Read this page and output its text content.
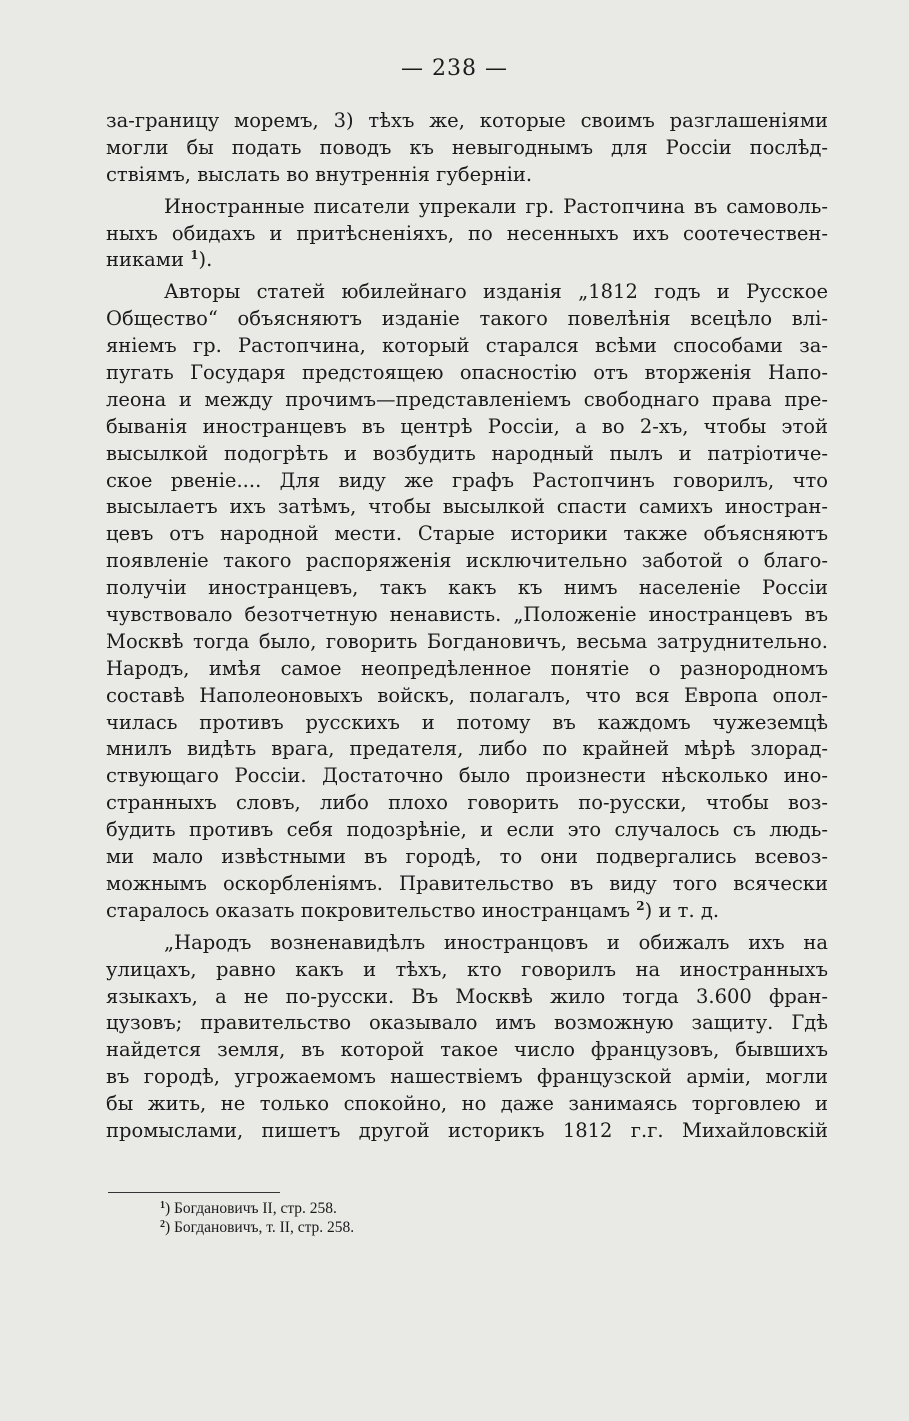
— 238 —
за-границу моремъ, 3) тѣхъ же, которые своимъ разглашеніями
могли бы подать поводъ къ невыгоднымъ для Россіи послѣд-
ствіямъ, выслать во внутреннія губерніи.
Иностранные писатели упрекали гр. Растопчина въ самоволь-
ныхъ обидахъ и притѣсненіяхъ, по несенныхъ ихъ соотечествен-
никами $^1$).
Авторы статей юбилейнаго изданія „1812 годъ и Русское
Общество“ объясняютъ изданіе такого повелѣнія всецѣло влі-
яніемъ гр. Растопчина, который старался всѣми способами за-
пугать Государя предстоящею опасностію отъ вторженія Напо-
леона и между прочимъ—представленіемъ свободнаго права пре-
быванія иностранцевъ въ центрѣ Россіи, а во 2-хъ, чтобы этой
высылкой подогрѣть и возбудить народный пылъ и патріотиче-
ское рвеніе.... Для виду же графъ Растопчинъ говорилъ, что
высылаетъ ихъ затѣмъ, чтобы высылкой спасти самихъ иностран-
цевъ отъ народной мести. Старые историки также объясняютъ
появленіе такого распоряженія исключительно заботой о благо-
получіи иностранцевъ, такъ какъ къ нимъ населеніе Россіи
чувствовало безотчетную ненависть. „Положеніе иностранцевъ въ
Москвѣ тогда было, говорить Богдановичъ, весьма затруднительно.
Народъ, имѣя самое неопредѣленное понятіе о разнородномъ
составѣ Наполеоновыхъ войскъ, полагалъ, что вся Европа опол-
чилась противъ русскихъ и потому въ каждомъ чужеземцѣ
мнилъ видѣть врага, предателя, либо по крайней мѣрѣ злорад-
ствующаго Россіи. Достаточно было произнести нѣсколько ино-
странныхъ словъ, либо плохо говорить по-русски, чтобы воз-
будить противъ себя подозрѣніе, и если это случалось съ людь-
ми мало извѣстными въ городѣ, то они подвергались всевоз-
можнымъ оскорбленіямъ. Правительство въ виду того всячески
старалось оказать покровительство иностранцамъ $^2$) и т. д.
„Народъ возненавидѣлъ иностранцовъ и обижалъ ихъ на
улицахъ, равно какъ и тѣхъ, кто говорилъ на иностранныхъ
языкахъ, а не по-русски. Въ Москвѣ жило тогда 3.600 фран-
цузовъ; правительство оказывало имъ возможную защиту. Гдѣ
найдется земля, въ которой такое число французовъ, бывшихъ
въ городѣ, угрожаемомъ нашествіемъ французской арміи, могли
бы жить, не только спокойно, но даже занимаясь торговлею и
промыслами, пишетъ другой историкъ 1812 г.г. Михайловскій
$^1$) Богдановичъ II, стр. 258.
$^2$) Богдановичъ, т. II, стр. 258.
